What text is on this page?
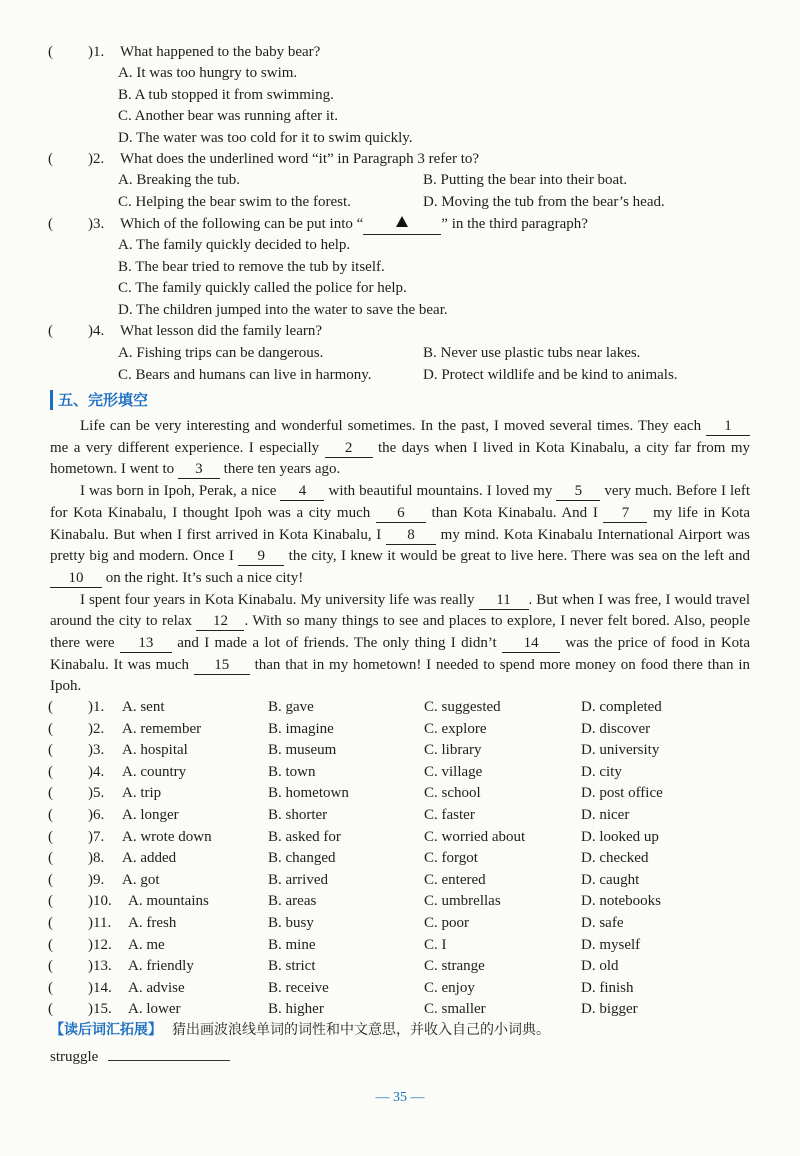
( )1. What happened to the baby bear?
A. It was too hungry to swim.
B. A tub stopped it from swimming.
C. Another bear was running after it.
D. The water was too cold for it to swim quickly.
( )2. What does the underlined word “it” in Paragraph 3 refer to?
A. Breaking the tub.	B. Putting the bear into their boat.
C. Helping the bear swim to the forest.	D. Moving the tub from the bear’s head.
( )3. Which of the following can be put into “	” in the third paragraph?
A. The family quickly decided to help.
B. The bear tried to remove the tub by itself.
C. The family quickly called the police for help.
D. The children jumped into the water to save the bear.
( )4. What lesson did the family learn?
A. Fishing trips can be dangerous.	B. Never use plastic tubs near lakes.
C. Bears and humans can live in harmony.	D. Protect wildlife and be kind to animals.
五、完形填空

Life can be very interesting and wonderful sometimes. In the past, I moved several times. They each 1 me a very different experience. I especially 2 the days when I lived in Kota Kinabalu, a city far from my hometown. I went to 3 there ten years ago.

I was born in Ipoh, Perak, a nice 4 with beautiful mountains. I loved my 5 very much. Before I left for Kota Kinabalu, I thought Ipoh was a city much 6 than Kota Kinabalu. And I 7 my life in Kota Kinabalu. But when I first arrived in Kota Kinabalu, I 8 my mind. Kota Kinabalu International Airport was pretty big and modern. Once I 9 the city, I knew it would be great to live here. There was sea on the left and 10 on the right. It’s such a nice city!

I spent four years in Kota Kinabalu. My university life was really 11 . But when I was free, I would travel around the city to relax 12 . With so many things to see and places to explore, I never felt bored. Also, people there were 13 and I made a lot of friends. The only thing I didn’t 14 was the price of food in Kota Kinabalu. It was much 15 than that in my hometown! I needed to spend more money on food there than in Ipoh.

( )1. A. sent	B. gave	C. suggested	D. completed
( )2. A. remember	B. imagine	C. explore	D. discover
( )3. A. hospital	B. museum	C. library	D. university
( )4. A. country	B. town	C. village	D. city
( )5. A. trip	B. hometown	C. school	D. post office
( )6. A. longer	B. shorter	C. faster	D. nicer
( )7. A. wrote down	B. asked for	C. worried about	D. looked up
( )8. A. added	B. changed	C. forgot	D. checked
( )9. A. got	B. arrived	C. entered	D. caught
( )10. A. mountains	B. areas	C. umbrellas	D. notebooks
( )11. A. fresh	B. busy	C. poor	D. safe
( )12. A. me	B. mine	C. I	D. myself
( )13. A. friendly	B. strict	C. strange	D. old
( )14. A. advise	B. receive	C. enjoy	D. finish
( )15. A. lower	B. higher	C. smaller	D. bigger
【读后词汇拓展】 猜出画波浪线单词的词性和中文意思，并收入自己的小词典。
struggle
— 35 —
